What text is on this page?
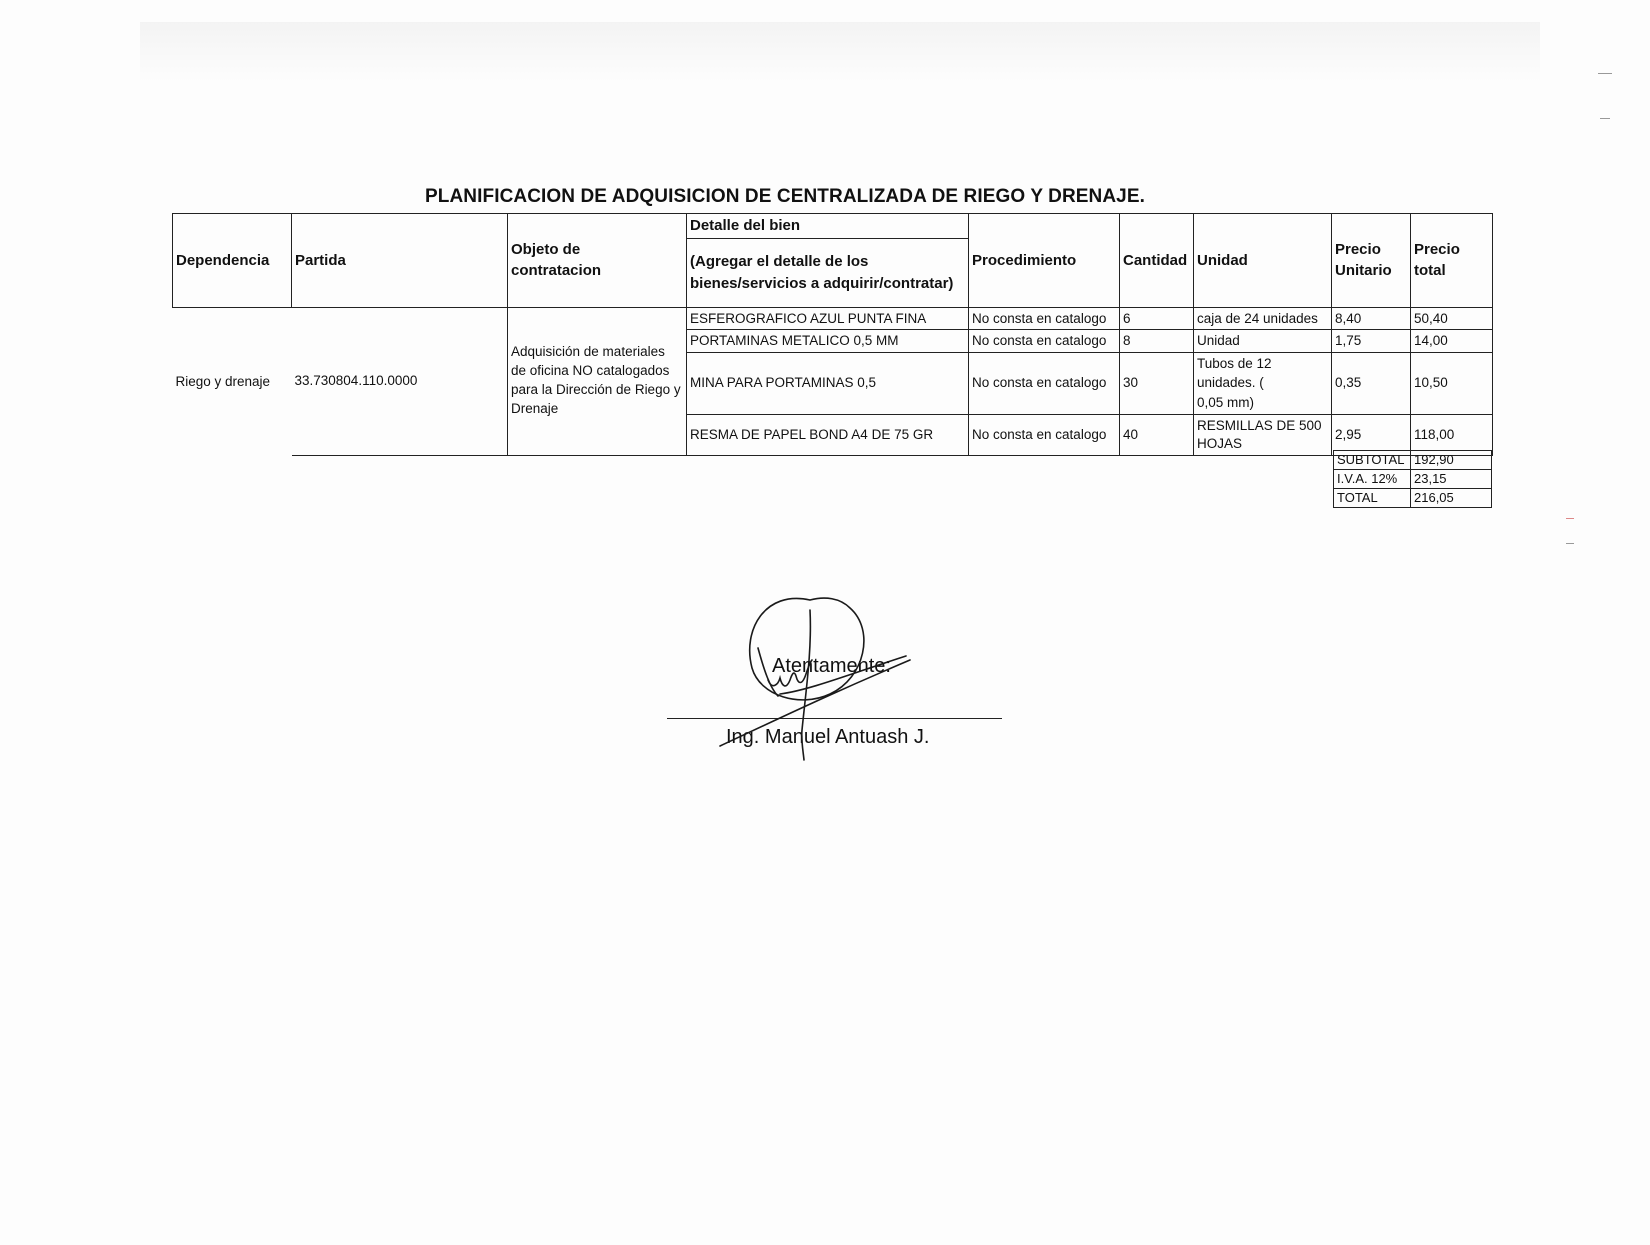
PLANIFICACION DE ADQUISICION DE CENTRALIZADA DE RIEGO Y DRENAJE.
Dependencia	Partida	Objeto de contratacion	Detalle del bien	Procedimiento	Cantidad	Unidad	Precio Unitario	Precio total
			(Agregar el detalle de los bienes/servicios a adquirir/contratar)					
Riego y drenaje	33.730804.110.0000	Adquisición de materiales de oficina NO catalogados para la Dirección de Riego y Drenaje	ESFEROGRAFICO AZUL PUNTA FINA	No consta en catalogo	6	caja de 24 unidades	8,40	50,40
			PORTAMINAS METALICO 0,5 MM	No consta en catalogo	8	Unidad	1,75	14,00
			MINA PARA PORTAMINAS 0,5	No consta en catalogo	30	Tubos de 12 unidades. ( 0,05 mm)	0,35	10,50
			RESMA DE PAPEL BOND A4 DE 75 GR	No consta en catalogo	40	RESMILLAS DE 500 HOJAS	2,95	118,00
SUBTOTAL	192,90
I.V.A. 12%	23,15
TOTAL	216,05
Atentamente:
Ing. Manuel Antuash J.
